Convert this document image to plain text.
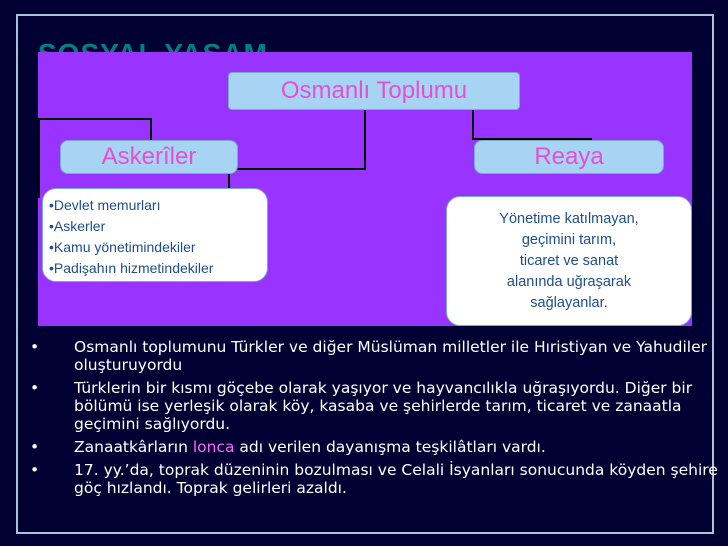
Osmanlı Toplumu
Askerîler	Reaya
• Devlet memurları
• Askerler
• Kamu yönetimindekiler
• Padişahın hizmetindekiler
Yönetime katılmayan,
geçimini tarım,
ticaret ve sanat
alanında uğraşarak
sağlayanlar.
• Osmanlı toplumunu Türkler ve diğer Müslüman milletler ile Hıristiyan ve Yahudiler oluşturuyordu
• Türklerin bir kısmı göçebe olarak yaşıyor ve hayvancılıkla uğraşıyordu. Diğer bir bölümü ise yerleşik olarak köy, kasaba ve şehirlerde tarım, ticaret ve zanaatla geçimini sağlıyordu.
• Zanaatkârların lonca adı verilen dayanışma teşkilâtları vardı.
• 17. yy.’da, toprak düzeninin bozulması ve Celali İsyanları sonucunda köyden şehire göç hızlandı. Toprak gelirleri azaldı.
